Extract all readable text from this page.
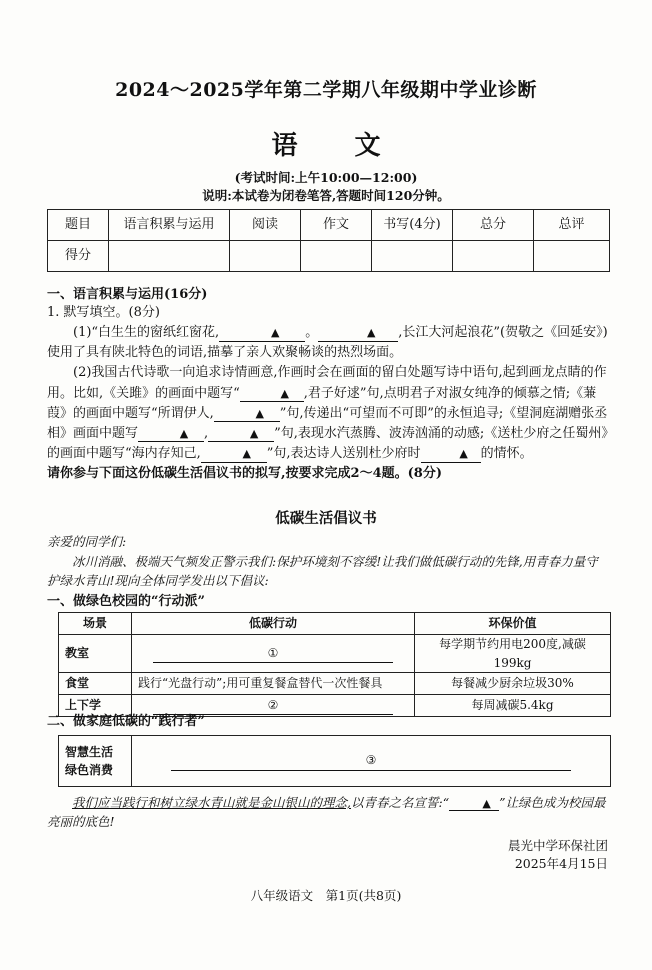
2024～2025学年第二学期八年级期中学业诊断
语 文
(考试时间:上午10:00—12:00)
说明:本试卷为闭卷笔答,答题时间120分钟。
题目	语言积累与运用	阅读	作文	书写(4分)	总分	总评
得分						
一、语言积累与运用(16分)
1. 默写填空。(8分)
(1)“白生生的窗纸红窗花,	▲ 。	▲ ,长江大河起浪花”(贺敬之《回延安》)使用了具有陕北特色的词语,描摹了亲人欢聚畅谈的热烈场面。
(2)我国古代诗歌一向追求诗情画意,作画时会在画面的留白处题写诗中语句,起到画龙点睛的作用。比如,《关雎》的画面中题写“	▲ ,君子好逑”句,点明君子对淑女纯净的倾慕之情;《蒹葭》的画面中题写“所谓伊人,	▲ ”句,传递出“可望而不可即”的永恒追寻;《望洞庭湖赠张丞相》画面中题写	▲ ,	▲ ”句,表现水汽蒸腾、波涛汹涌的动感;《送杜少府之任蜀州》的画面中题写“海内存知己,	▲ ”句,表达诗人送别杜少府时	▲ 的情怀。
请你参与下面这份低碳生活倡议书的拟写,按要求完成2～4题。(8分)
低碳生活倡议书
亲爱的同学们:
冰川消融、极端天气频发正警示我们:保护环境刻不容缓!让我们做低碳行动的先锋,用青春力量守护绿水青山!现向全体同学发出以下倡议:
一、做绿色校园的“行动派”
场景	低碳行动	环保价值
教室	①	每学期节约用电200度,减碳199kg
食堂	践行“光盘行动”;用可重复餐盒替代一次性餐具	每餐减少厨余垃圾30%
上下学	②	每周减碳5.4kg
二、做家庭低碳的“践行者”
智慧生活
绿色消费
	③
我们应当践行和树立绿水青山就是金山银山的理念,以青春之名宣誓:“	▲ ”让绿色成为校园最亮丽的底色!
晨光中学环保社团
2025年4月15日
八年级语文　第1页(共8页)
